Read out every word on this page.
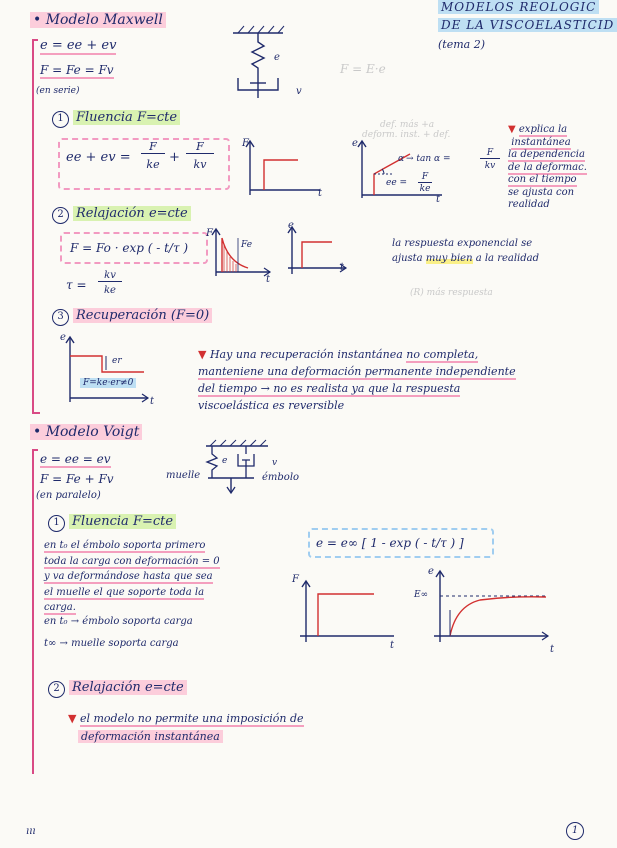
MODELOS REOLOGIC
DE LA VISCOELASTICID
(tema 2)
• Modelo Maxwell
e = ee + ev
F = Fe = Fv
(en serie)
e
v
F = E·e
1 Fluencia F=cte
ee + ev =
F
ke +
F
kv
F
t
e
t
α → tan α =
F
kv
ee =
F
ke
def. más +a
deform. inst. + def.	▼ explica la
instantánea
la dependencia
de la deformac.
con el tiempo
se ajusta con
realidad
2 Relajación e=cte
F = Fo · exp ( - t/τ )
τ =
kv
ke
F
Fe
t
e
t
la respuesta exponencial se
ajusta muy bien a la realidad
(R) más respuesta
3 Recuperación (F=0)
e
er
F=ke·er≠0
t
▼ Hay una recuperación instantánea no completa,
manteniene una deformación permanente independiente
del tiempo → no es realista ya que la respuesta
viscoelástica es reversible
• Modelo Voigt
e = ee = ev
F = Fe + Fv
(en paralelo)
e
muelle
v
émbolo
1 Fluencia F=cte
en t₀ el émbolo soporta primero
toda la carga con deformación = 0
y va deformándose hasta que sea
el muelle el que soporte toda la
carga.
en t₀ → émbolo soporta carga
t∞ → muelle soporta carga
e = e∞ [ 1 - exp ( - t/τ ) ]
F
t
e
E∞
t
2 Relajación e=cte
▼ el modelo no permite una imposición de
deformación instantánea
ııı	1
